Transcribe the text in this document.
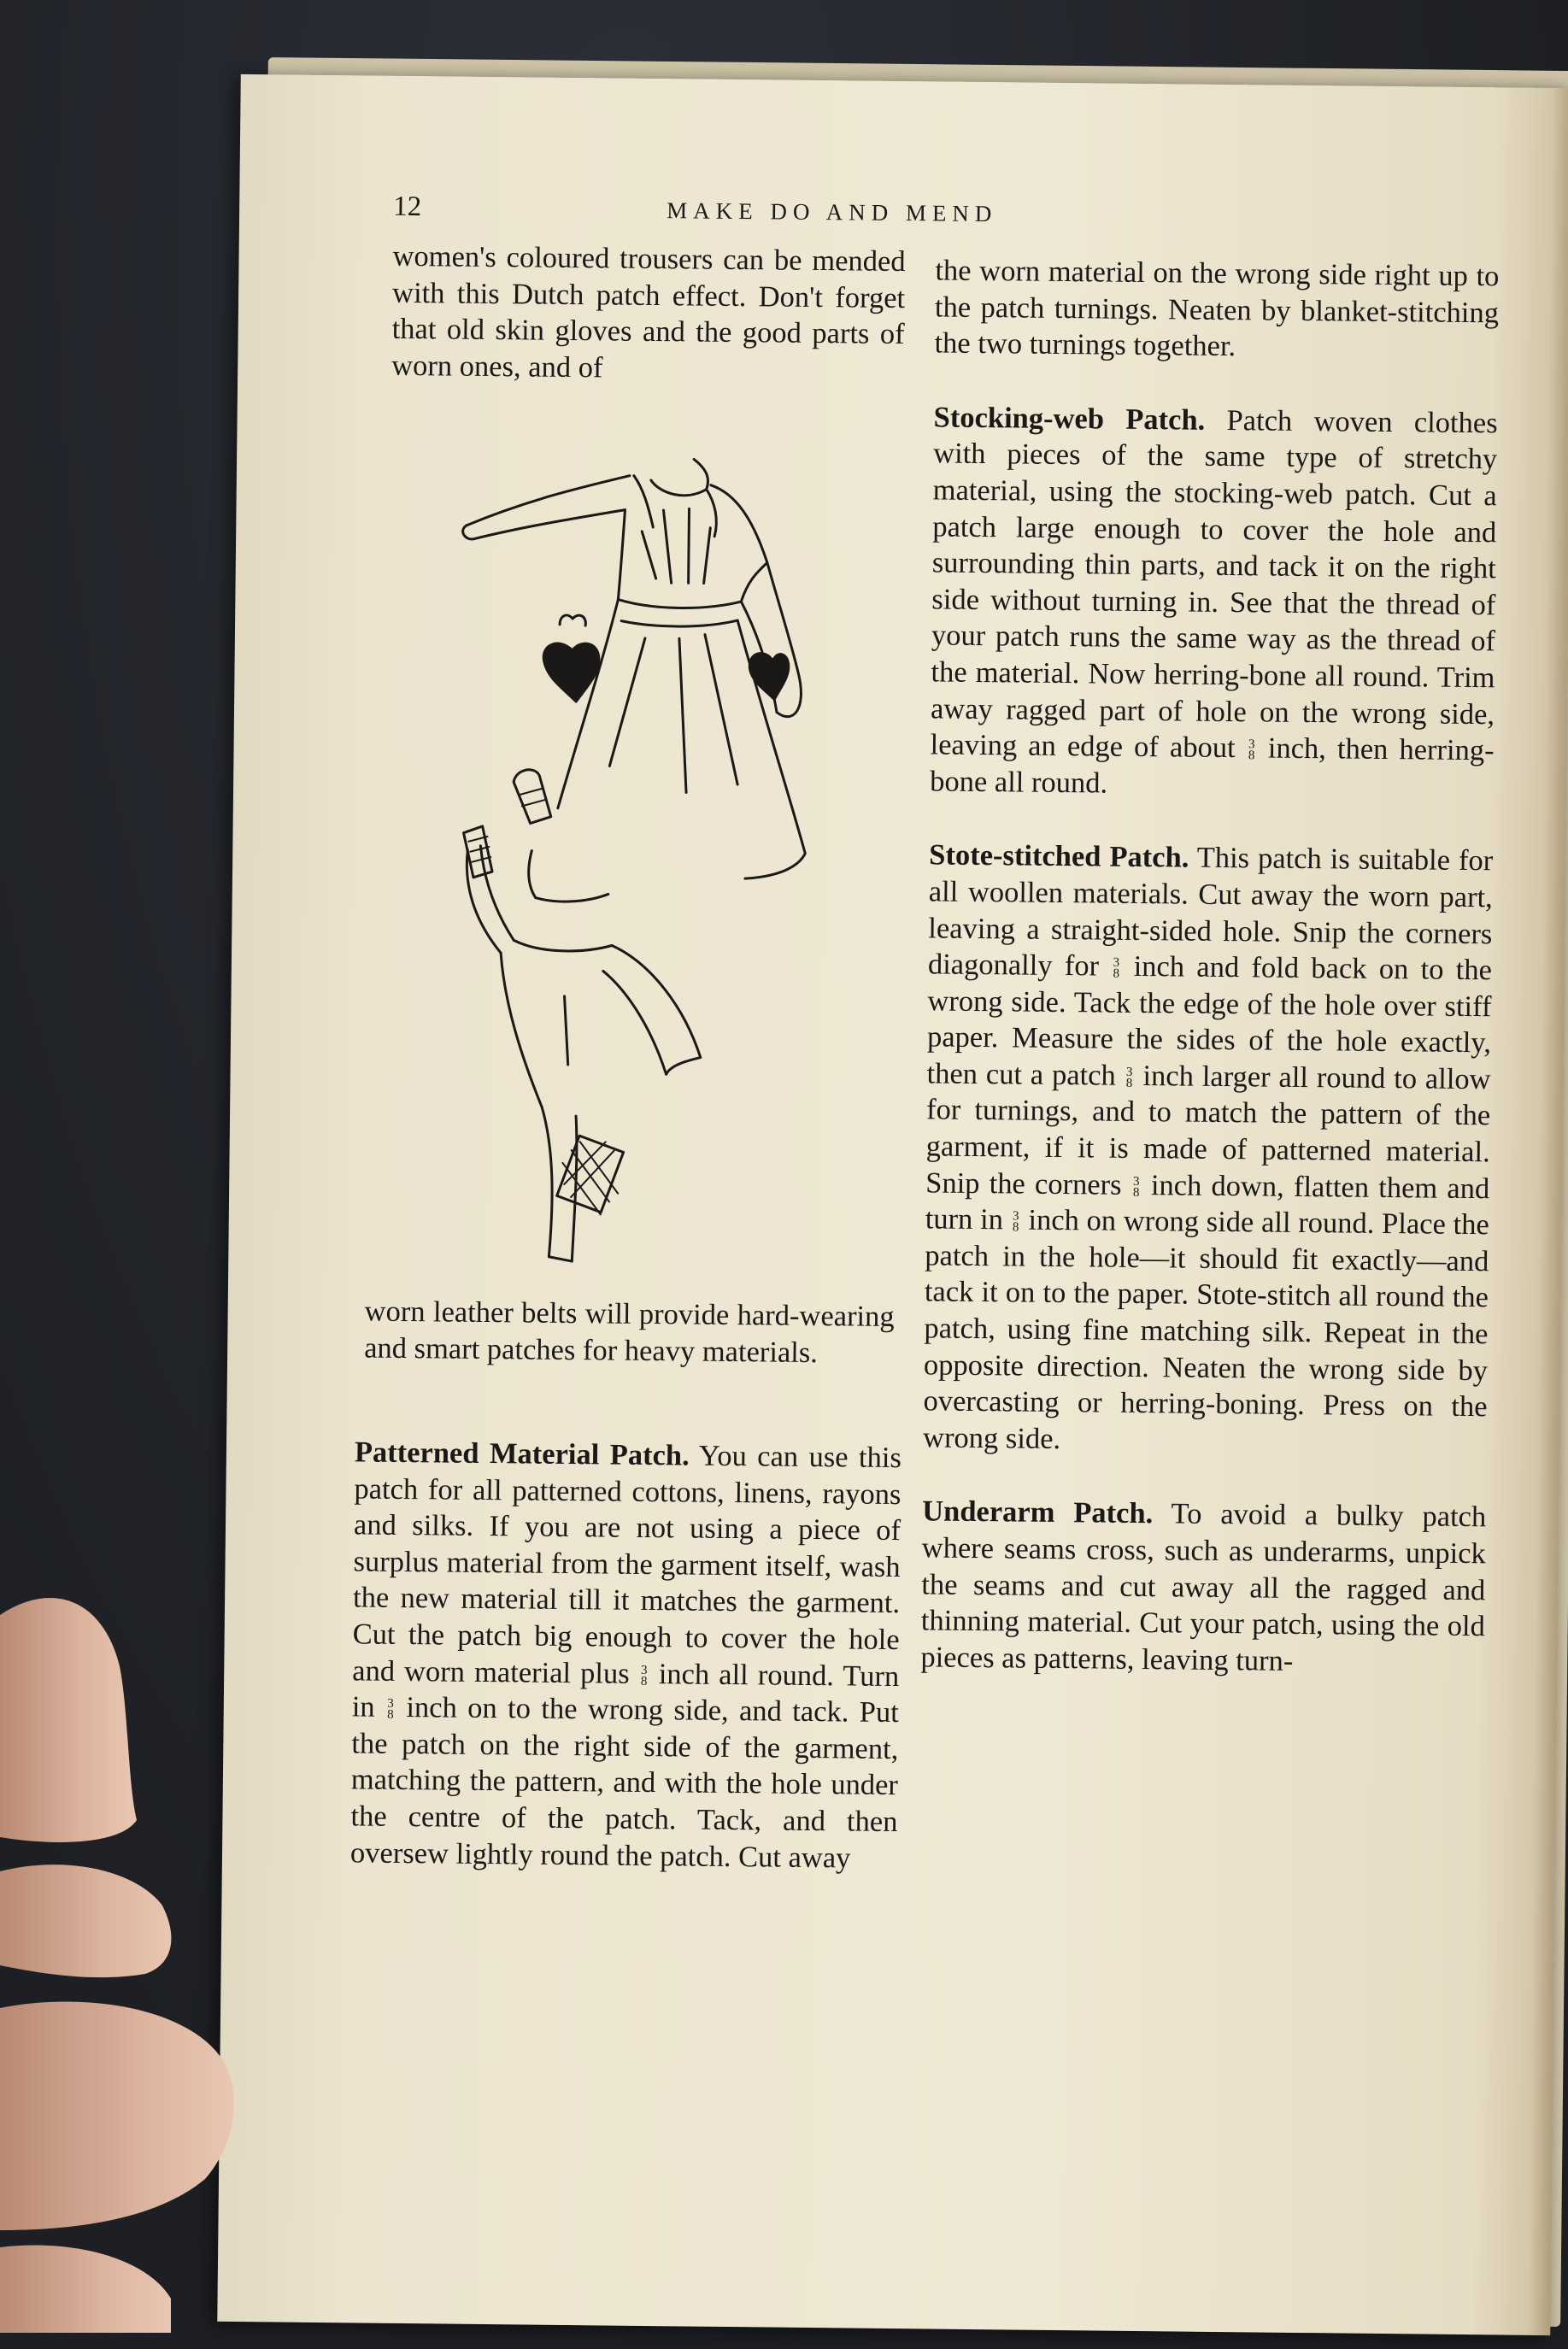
12	MAKE DO AND MEND

women's coloured trousers can be mended with this Dutch patch effect. Don't forget that old skin gloves and the good parts of worn ones, and of

worn leather belts will provide hard-wearing and smart patches for heavy materials.

Patterned Material Patch. You can use this patch for all patterned cottons, linens, rayons and silks. If you are not using a piece of surplus material from the garment itself, wash the new material till it matches the garment. Cut the patch big enough to cover the hole and worn material plus 3
8 inch all round. Turn in 3
8 inch on to the wrong side, and tack. Put the patch on the right side of the garment, matching the pattern, and with the hole under the centre of the patch. Tack, and then oversew lightly round the patch. Cut away

the worn material on the wrong side right up to the patch turnings. Neaten by blanket-stitching the two turnings together.

Stocking-web Patch. Patch woven clothes with pieces of the same type of stretchy material, using the stocking-web patch. Cut a patch large enough to cover the hole and surrounding thin parts, and tack it on the right side without turning in. See that the thread of your patch runs the same way as the thread of the material. Now herring-bone all round. Trim away ragged part of hole on the wrong side, leaving an edge of about 3
8 inch, then herring-bone all round.

Stote-stitched Patch. This patch is suitable for all woollen materials. Cut away the worn part, leaving a straight-sided hole. Snip the corners diagonally for 3
8 inch and fold back on to the wrong side. Tack the edge of the hole over stiff paper. Measure the sides of the hole exactly, then cut a patch 3
8 inch larger all round to allow for turnings, and to match the pattern of the garment, if it is made of patterned material. Snip the corners 3
8 inch down, flatten them and turn in 3
8 inch on wrong side all round. Place the patch in the hole—it should fit exactly—and tack it on to the paper. Stote-stitch all round the patch, using fine matching silk. Repeat in the opposite direction. Neaten the wrong side by overcasting or herring-boning. Press on the wrong side.

Underarm Patch. To avoid a bulky patch where seams cross, such as underarms, unpick the seams and cut away all the ragged and thinning material. Cut your patch, using the old pieces as patterns, leaving turn-
